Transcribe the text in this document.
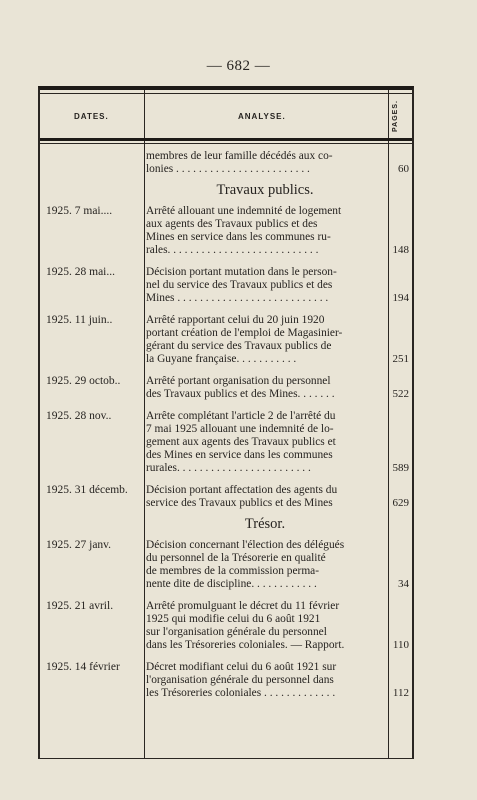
— 682 —
DATES.	ANALYSE.	PAGES.
membres de leur famille décédés aux co-
lonies . . . . . . . . . . . . . . . . . . . . . . . .	60
Travaux publics.
1925. 7 mai....	Arrêté allouant une indemnité de logement
aux agents des Travaux publics et des
Mines en service dans les communes ru-
rales. . . . . . . . . . . . . . . . . . . . . . . . . . .	148
1925. 28 mai...	Décision portant mutation dans le person-
nel du service des Travaux publics et des
Mines . . . . . . . . . . . . . . . . . . . . . . . . . . .	194
1925. 11 juin..	Arrêté rapportant celui du 20 juin 1920
portant création de l'emploi de Magasinier-
gérant du service des Travaux publics de
la Guyane française. . . . . . . . . . .	251
1925. 29 octob..	Arrêté portant organisation du personnel
des Travaux publics et des Mines. . . . . . .	522
1925. 28 nov..	Arrête complétant l'article 2 de l'arrêté du
7 mai 1925 allouant une indemnité de lo-
gement aux agents des Travaux publics et
des Mines en service dans les communes
rurales. . . . . . . . . . . . . . . . . . . . . . . .	589
1925. 31 décemb.	Décision portant affectation des agents du
service des Travaux publics et des Mines	629
Trésor.
1925. 27 janv.	Décision concernant l'élection des délégués
du personnel de la Trésorerie en qualité
de membres de la commission perma-
nente dite de discipline. . . . . . . . . . . .	34
1925. 21 avril.	Arrêté promulguant le décret du 11 février
1925 qui modifie celui du 6 août 1921
sur l'organisation générale du personnel
dans les Trésoreries coloniales. — Rapport.	110
1925. 14 février	Décret modifiant celui du 6 août 1921 sur
l'organisation générale du personnel dans
les Trésoreries coloniales . . . . . . . . . . . . .	112
